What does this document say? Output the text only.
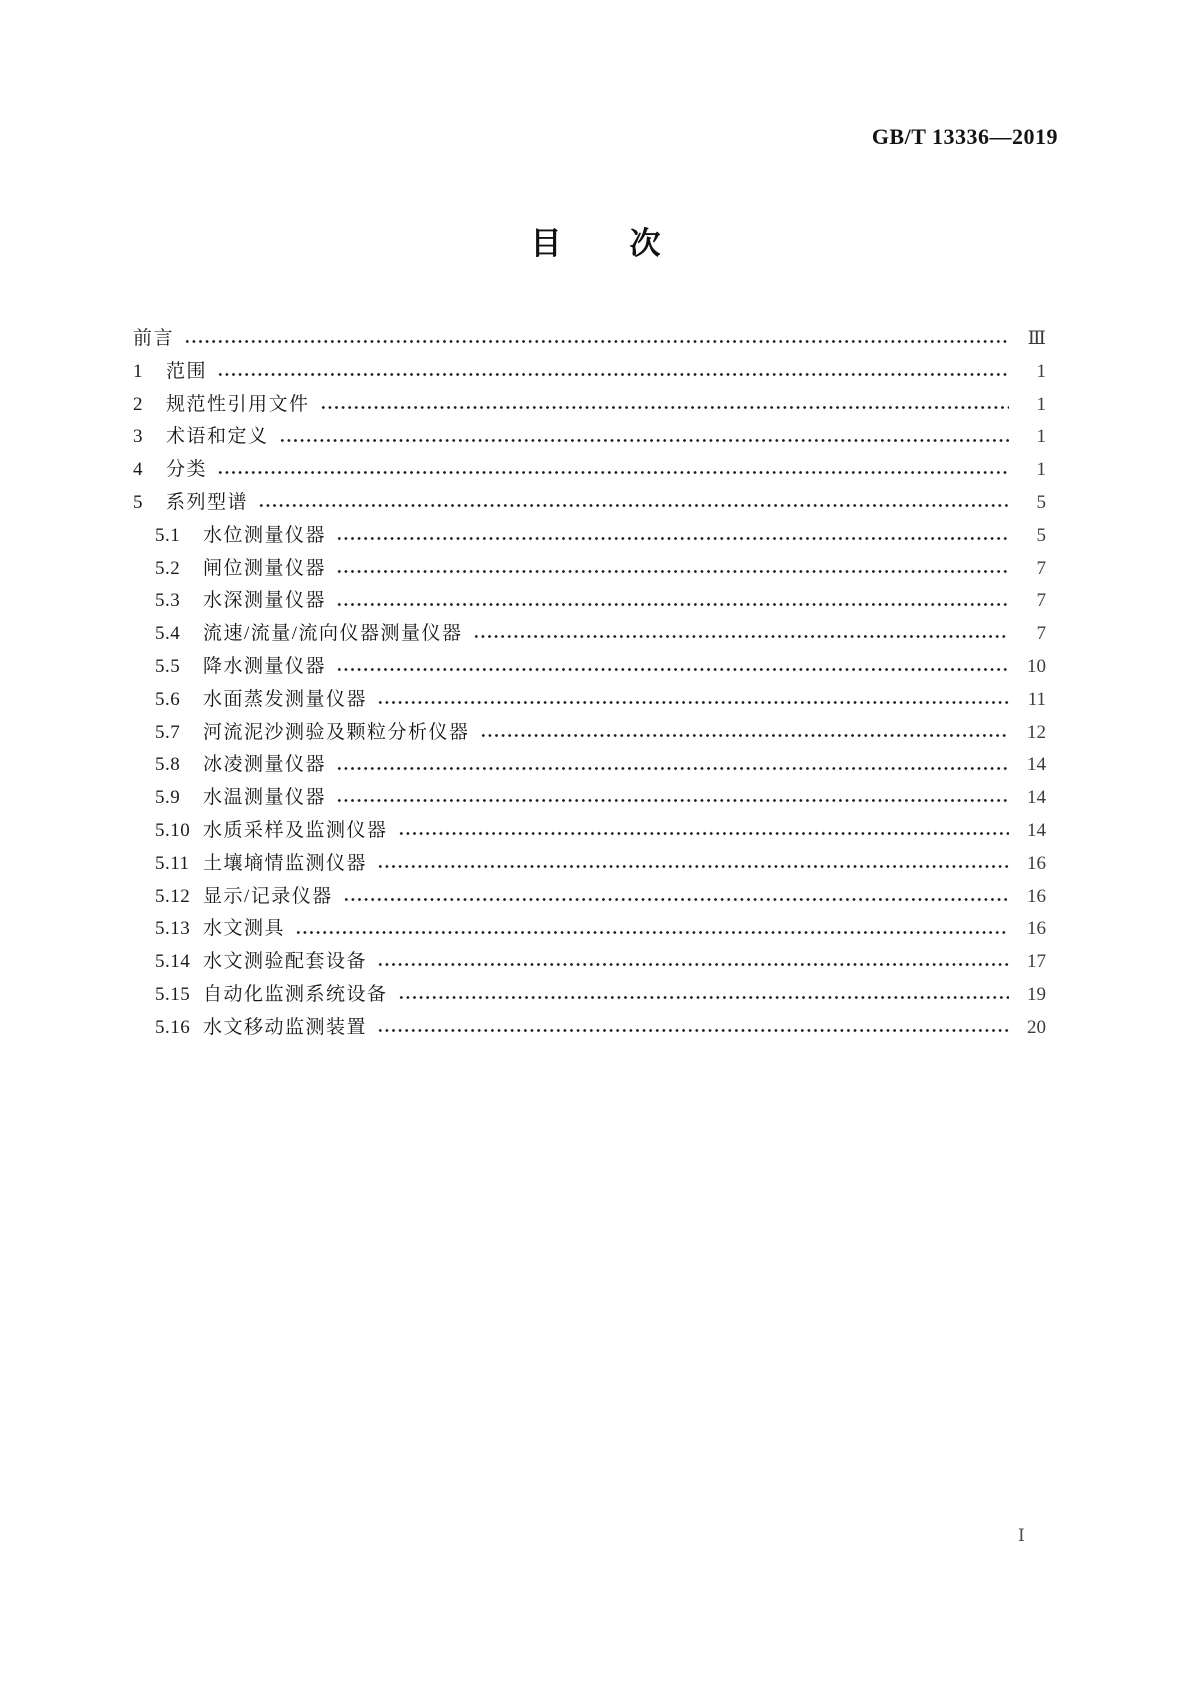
GB/T 13336—2019
目次
前言	Ⅲ
1	范围	1
2	规范性引用文件	1
3	术语和定义	1
4	分类	1
5	系列型谱	5
5.1	水位测量仪器	5
5.2	闸位测量仪器	7
5.3	水深测量仪器	7
5.4	流速/流量/流向仪器测量仪器	7
5.5	降水测量仪器	10
5.6	水面蒸发测量仪器	11
5.7	河流泥沙测验及颗粒分析仪器	12
5.8	冰凌测量仪器	14
5.9	水温测量仪器	14
5.10 水质采样及监测仪器	14
5.11 土壤墒情监测仪器	16
5.12 显示/记录仪器	16
5.13 水文测具	16
5.14 水文测验配套设备	17
5.15 自动化监测系统设备	19
5.16 水文移动监测装置	20
Ⅰ
